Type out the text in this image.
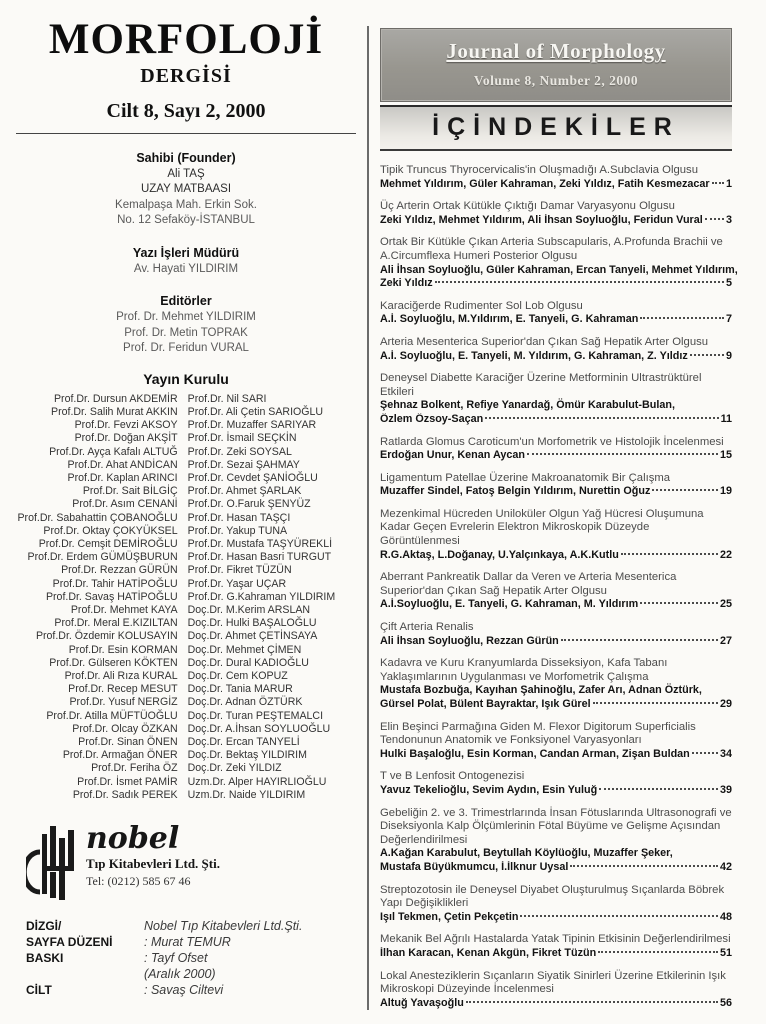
MORFOLOJİ
DERGİSİ
Cilt 8, Sayı 2, 2000
Sahibi (Founder)
Ali TAŞ
UZAY MATBAASI
Kemalpaşa Mah. Erkin Sok.
No. 12 Sefaköy-İSTANBUL
Yazı İşleri Müdürü
Av. Hayati YILDIRIM
Editörler
Prof. Dr. Mehmet YILDIRIM
Prof. Dr. Metin TOPRAK
Prof. Dr. Feridun VURAL
Yayın Kurulu
Prof.Dr. Dursun AKDEMİR Prof.Dr. Nil SARI
Prof.Dr. Salih Murat AKKIN Prof.Dr. Ali Çetin SARIOĞLU
Prof.Dr. Fevzi AKSOY Prof.Dr. Muzaffer SARIYAR
Prof.Dr. Doğan AKŞİT Prof.Dr. İsmail SEÇKİN
Prof.Dr. Ayça Kafalı ALTUĞ Prof.Dr. Zeki SOYSAL
Prof.Dr. Ahat ANDİCAN Prof.Dr. Sezai ŞAHMAY
Prof.Dr. Kaplan ARINCI Prof.Dr. Cevdet ŞANİOĞLU
Prof.Dr. Sait BİLGİÇ Prof.Dr. Ahmet ŞARLAK
Prof.Dr. Asım CENANİ Prof.Dr. O.Faruk ŞENYÜZ
Prof.Dr. Sabahattin ÇOBANOĞLU Prof.Dr. Hasan TAŞÇI
Prof.Dr. Oktay ÇOKYÜKSEL Prof.Dr. Yakup TUNA
Prof.Dr. Cemşit DEMİROĞLU Prof.Dr. Mustafa TAŞYÜREKLİ
Prof.Dr. Erdem GÜMÜŞBURUN Prof.Dr. Hasan Basri TURGUT
Prof.Dr. Rezzan GÜRÜN Prof.Dr. Fikret TÜZÜN
Prof.Dr. Tahir HATİPOĞLU Prof.Dr. Yaşar UÇAR
Prof.Dr. Savaş HATİPOĞLU Prof.Dr. G.Kahraman YILDIRIM
Prof.Dr. Mehmet KAYA Doç.Dr. M.Kerim ARSLAN
Prof.Dr. Meral E.KIZILTAN Doç.Dr. Hulki BAŞALOĞLU
Prof.Dr. Özdemir KOLUSAYIN Doç.Dr. Ahmet ÇETİNSAYA
Prof.Dr. Esin KORMAN Doç.Dr. Mehmet ÇİMEN
Prof.Dr. Gülseren KÖKTEN Doç.Dr. Dural KADIOĞLU
Prof.Dr. Ali Rıza KURAL Doç.Dr. Cem KOPUZ
Prof.Dr. Recep MESUT Doç.Dr. Tania MARUR
Prof.Dr. Yusuf NERGİZ Doç.Dr. Adnan ÖZTÜRK
Prof.Dr. Atilla MÜFTÜOĞLU Doç.Dr. Turan PEŞTEMALCI
Prof.Dr. Olcay ÖZKAN Doç.Dr. A.İhsan SOYLUOĞLU
Prof.Dr. Sinan ÖNEN Doç.Dr. Ercan TANYELİ
Prof.Dr. Armağan ÖNER Doç.Dr. Bektaş YILDIRIM
Prof.Dr. Feriha ÖZ Doç.Dr. Zeki YILDIZ
Prof.Dr. İsmet PAMİR Uzm.Dr. Alper HAYIRLIOĞLU
Prof.Dr. Sadık PEREK Uzm.Dr. Naide YILDIRIM
nobel
Tıp Kitabevleri Ltd. Şti.
Tel: (0212) 585 67 46
DİZGİ/	Nobel Tıp Kitabevleri Ltd.Şti.
SAYFA DÜZENİ	: Murat TEMUR
BASKI	: Tayf Ofset
(Aralık 2000)
CİLT	: Savaş Ciltevi
Journal of Morphology
Volume 8, Number 2, 2000
İÇİNDEKİLER
Tipik Truncus Thyrocervicalis'in Oluşmadığı A.Subclavia Olgusu
Mehmet Yıldırım, Güler Kahraman, Zeki Yıldız, Fatih Kesmezacar 1
Üç Arterin Ortak Kütükle Çıktığı Damar Varyasyonu Olgusu
Zeki Yıldız, Mehmet Yıldırım, Ali İhsan Soyluoğlu, Feridun Vural 3
Ortak Bir Kütükle Çıkan Arteria Subscapularis, A.Profunda Brachii ve A.Circumflexa Humeri Posterior Olgusu
Ali İhsan Soyluoğlu, Güler Kahraman, Ercan Tanyeli, Mehmet Yıldırım,
Zeki Yıldız	5
Karaciğerde Rudimenter Sol Lob Olgusu
A.İ. Soyluoğlu, M.Yıldırım, E. Tanyeli, G. Kahraman	7
Arteria Mesenterica Superior'dan Çıkan Sağ Hepatik Arter Olgusu
A.İ. Soyluoğlu, E. Tanyeli, M. Yıldırım, G. Kahraman, Z. Yıldız	9
Deneysel Diabette Karaciğer Üzerine Metforminin Ultrastrüktürel Etkileri
Şehnaz Bolkent, Refiye Yanardağ, Ömür Karabulut-Bulan,
Özlem Özsoy-Saçan	11
Ratlarda Glomus Caroticum'un Morfometrik ve Histolojik İncelenmesi
Erdoğan Unur, Kenan Aycan	15
Ligamentum Patellae Üzerine Makroanatomik Bir Çalışma
Muzaffer Sindel, Fatoş Belgin Yıldırım, Nurettin Oğuz	19
Mezenkimal Hücreden Uniloküler Olgun Yağ Hücresi Oluşumuna Kadar Geçen Evrelerin Elektron Mikroskopik Düzeyde Görüntülenmesi
R.G.Aktaş, L.Doğanay, U.Yalçınkaya, A.K.Kutlu	22
Aberrant Pankreatik Dallar da Veren ve Arteria Mesenterica Superior'dan Çıkan Sağ Hepatik Arter Olgusu
A.İ.Soyluoğlu, E. Tanyeli, G. Kahraman, M. Yıldırım	25
Çift Arteria Renalis
Ali İhsan Soyluoğlu, Rezzan Gürün	27
Kadavra ve Kuru Kranyumlarda Disseksiyon, Kafa Tabanı Yaklaşımlarının Uygulanması ve Morfometrik Çalışma
Mustafa Bozbuğa, Kayıhan Şahinoğlu, Zafer Arı, Adnan Öztürk,
Gürsel Polat, Bülent Bayraktar, Işık Gürel	29
Elin Beşinci Parmağına Giden M. Flexor Digitorum Superficialis Tendonunun Anatomik ve Fonksiyonel Varyasyonları
Hulki Başaloğlu, Esin Korman, Candan Arman, Zişan Buldan	34
T ve B Lenfosit Ontogenezisi
Yavuz Tekelioğlu, Sevim Aydın, Esin Yuluğ	39
Gebeliğin 2. ve 3. Trimestrlarında İnsan Fötuslarında Ultrasonografi ve Diseksiyonla Kalp Ölçümlerinin Fötal Büyüme ve Gelişme Açısından Değerlendirilmesi
A.Kağan Karabulut, Beytullah Köylüoğlu, Muzaffer Şeker,
Mustafa Büyükmumcu, İ.İlknur Uysal	42
Streptozotosin ile Deneysel Diyabet Oluşturulmuş Sıçanlarda Böbrek Yapı Değişiklikleri
Işıl Tekmen, Çetin Pekçetin	48
Mekanik Bel Ağrılı Hastalarda Yatak Tipinin Etkisinin Değerlendirilmesi
İlhan Karacan, Kenan Akgün, Fikret Tüzün	51
Lokal Anesteziklerin Sıçanların Siyatik Sinirleri Üzerine Etkilerinin Işık Mikroskopi Düzeyinde İncelenmesi
Altuğ Yavaşoğlu	56
